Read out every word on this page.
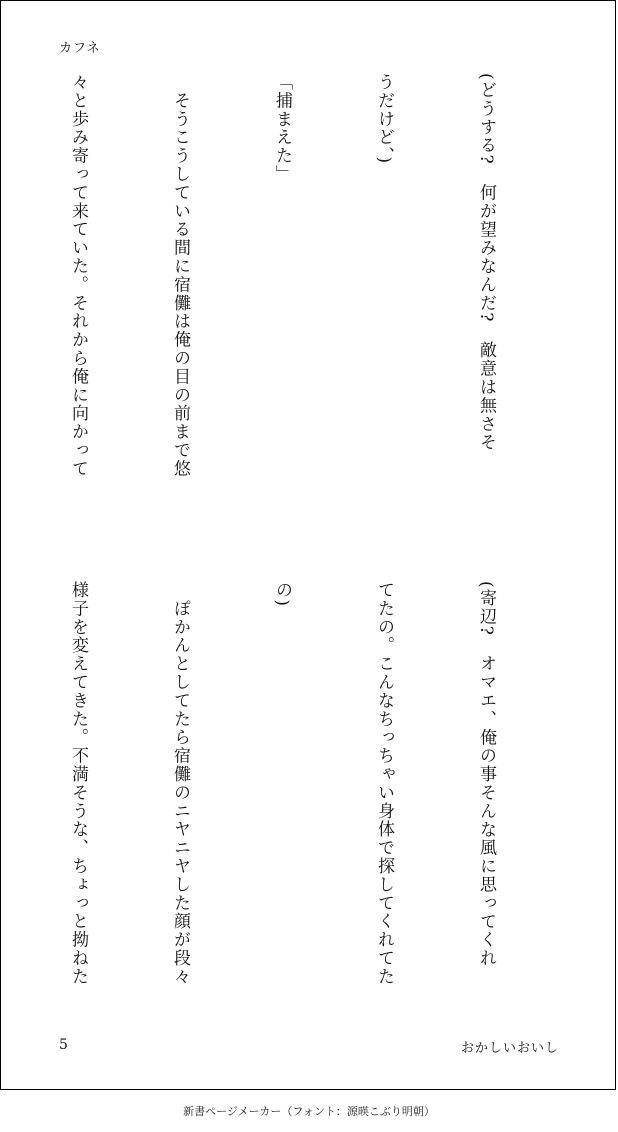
カフネ

(どうする?　何が望みなんだ?　敵意は無さそ

うだけど、)

「捕まえた」

　そうこうしている間に宿儺は俺の目の前まで悠

々と歩み寄って来ていた。それから俺に向かって

(寄辺?　オマエ、俺の事そんな風に思ってくれ

てたの。こんなちっちゃい身体で探してくれてた

の)

　ぽかんとしてたら宿儺のニヤニヤした顔が段々

様子を変えてきた。不満そうな、ちょっと拗ねた

5	おかしいおいし
新書ページメーカー（フォント：源暎こぶり明朝）
